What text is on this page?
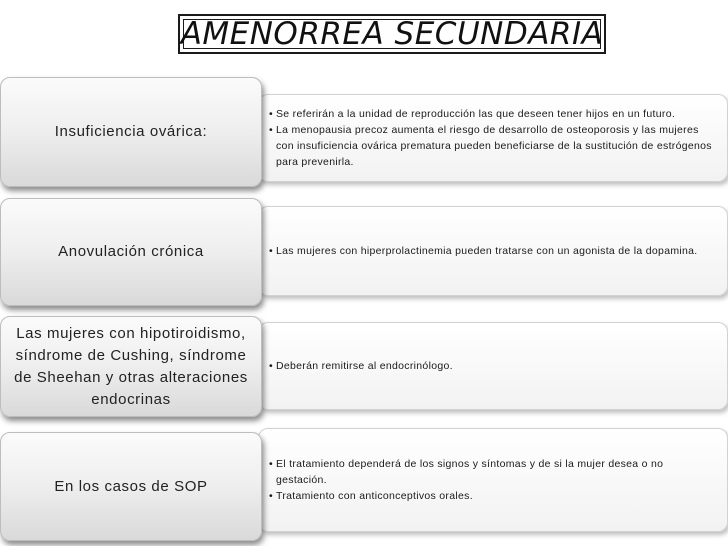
AMENORREA SECUNDARIA
• Se referirán a la unidad de reproducción las que deseen tener hijos en un futuro.
• La menopausia precoz aumenta el riesgo de desarrollo de osteoporosis y las mujeres con insuficiencia ovárica prematura pueden beneficiarse de la sustitución de estrógenos para prevenirla.
Insuficiencia ovárica:
• Las mujeres con hiperprolactinemia pueden tratarse con un agonista de la dopamina.
Anovulación crónica
• Deberán remitirse al endocrinólogo.
Las mujeres con hipotiroidismo, síndrome de Cushing, síndrome de Sheehan y otras alteraciones endocrinas
• El tratamiento dependerá de los signos y síntomas y de si la mujer desea o no gestación.
• Tratamiento con anticonceptivos orales.
En los casos de SOP
